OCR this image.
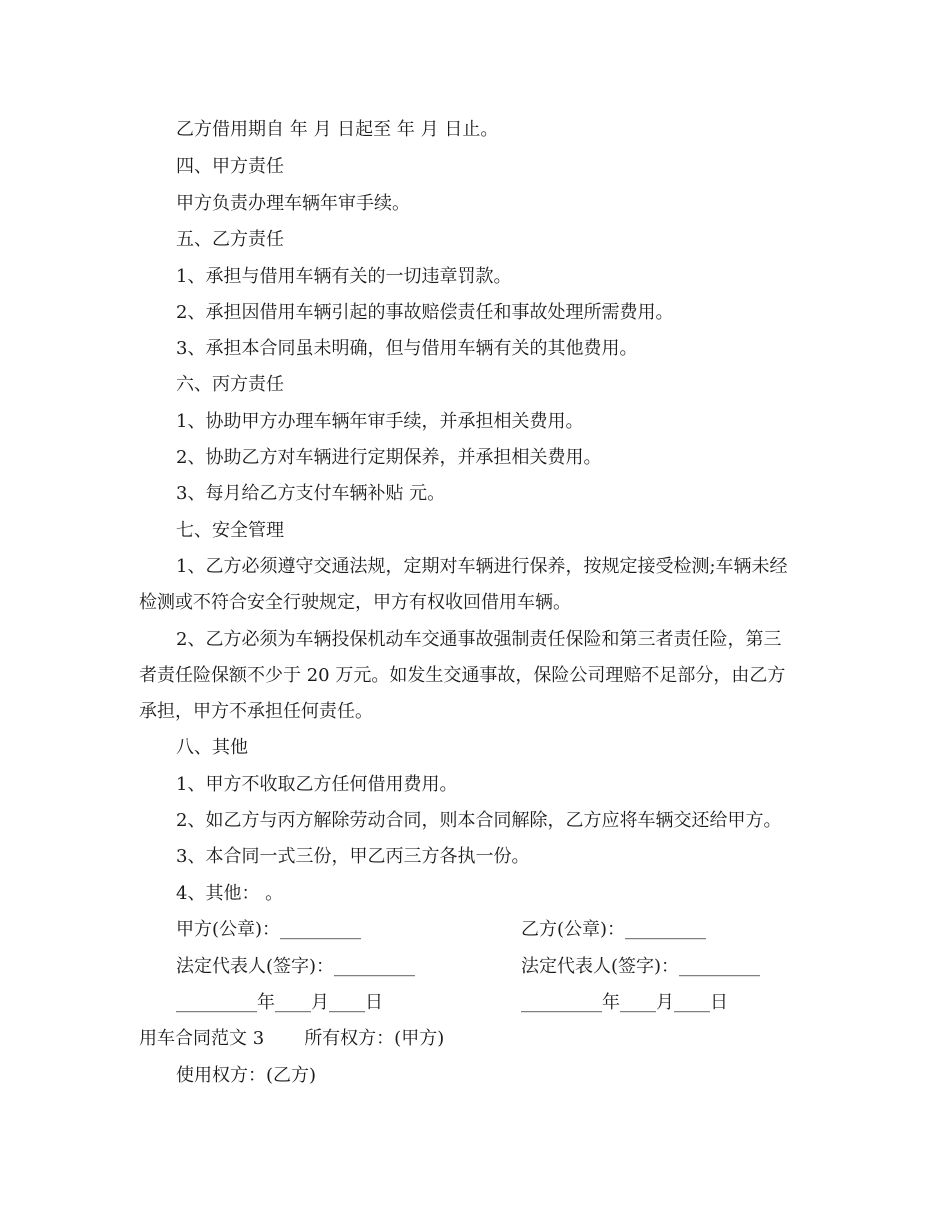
乙方借用期自 年 月 日起至 年 月 日止。
四、甲方责任
甲方负责办理车辆年审手续。
五、乙方责任
1、承担与借用车辆有关的一切违章罚款。
2、承担因借用车辆引起的事故赔偿责任和事故处理所需费用。
3、承担本合同虽未明确，但与借用车辆有关的其他费用。
六、丙方责任
1、协助甲方办理车辆年审手续，并承担相关费用。
2、协助乙方对车辆进行定期保养，并承担相关费用。
3、每月给乙方支付车辆补贴 元。
七、安全管理
1、乙方必须遵守交通法规，定期对车辆进行保养，按规定接受检测;车辆未经
检测或不符合安全行驶规定，甲方有权收回借用车辆。
2、乙方必须为车辆投保机动车交通事故强制责任保险和第三者责任险，第三
者责任险保额不少于 20 万元。如发生交通事故，保险公司理赔不足部分，由乙方
承担，甲方不承担任何责任。
八、其他
1、甲方不收取乙方任何借用费用。
2、如乙方与丙方解除劳动合同，则本合同解除，乙方应将车辆交还给甲方。
3、本合同一式三份，甲乙丙三方各执一份。
4、其他： 。
甲方(公章)：_________	乙方(公章)：_________
法定代表人(签字)：_________	法定代表人(签字)：_________
_________年____月____日	_________年____月____日
用车合同范文 3 所有权方：(甲方)
使用权方：(乙方)
